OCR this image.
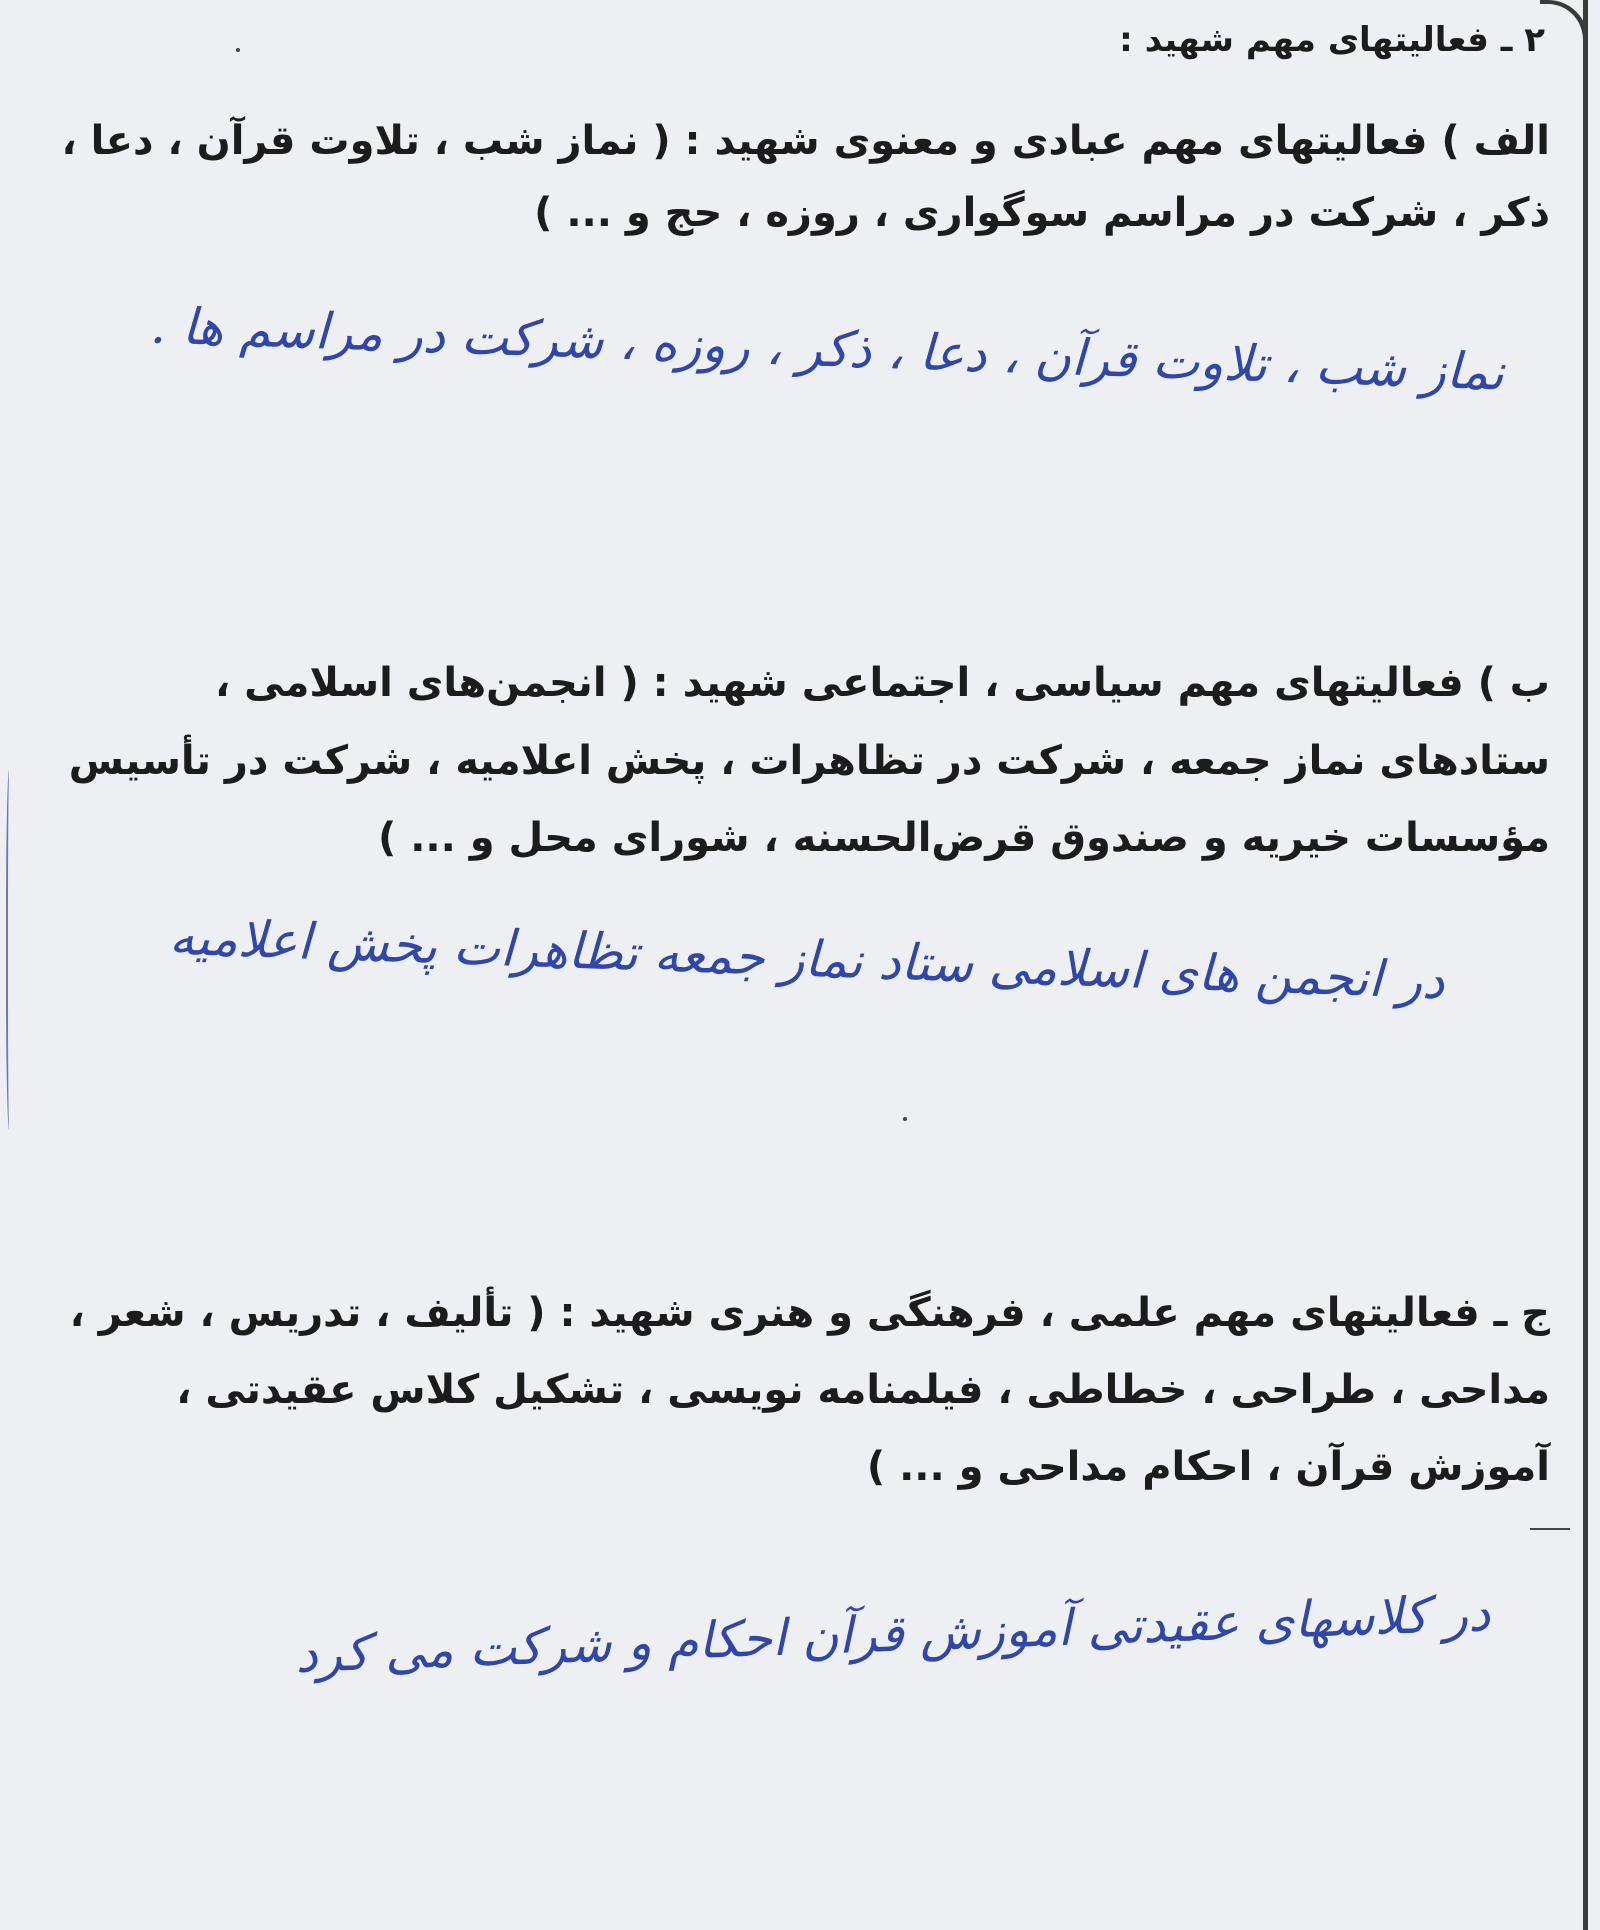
۲ ـ فعالیتهای مهم شهید :
الف ) فعالیتهای مهم عبادی و معنوی شهید : ( نماز شب ، تلاوت قرآن ، دعا ،
ذکر ، شرکت در مراسم سوگواری ، روزه ، حج و ... )
نماز شب ، تلاوت قرآن ، دعا ، ذکر ، روزه ، شرکت در مراسم ها .
ب ) فعالیتهای مهم سیاسی ، اجتماعی شهید : ( انجمن‌های اسلامی ،
ستادهای نماز جمعه ، شرکت در تظاهرات ، پخش اعلامیه ، شرکت در تأسیس
مؤسسات خیریه و صندوق قرض‌الحسنه ، شورای محل و ... )
در انجمن های اسلامی ستاد نماز جمعه تظاهرات پخش اعلامیه
ج ـ فعالیتهای مهم علمی ، فرهنگی و هنری شهید : ( تألیف ، تدریس ، شعر ،
مداحی ، طراحی ، خطاطی ، فیلمنامه نویسی ، تشکیل کلاس عقیدتی ،
آموزش قرآن ، احکام مداحی و ... )
در کلاسهای عقیدتی آموزش قرآن احکام و شرکت می کرد
